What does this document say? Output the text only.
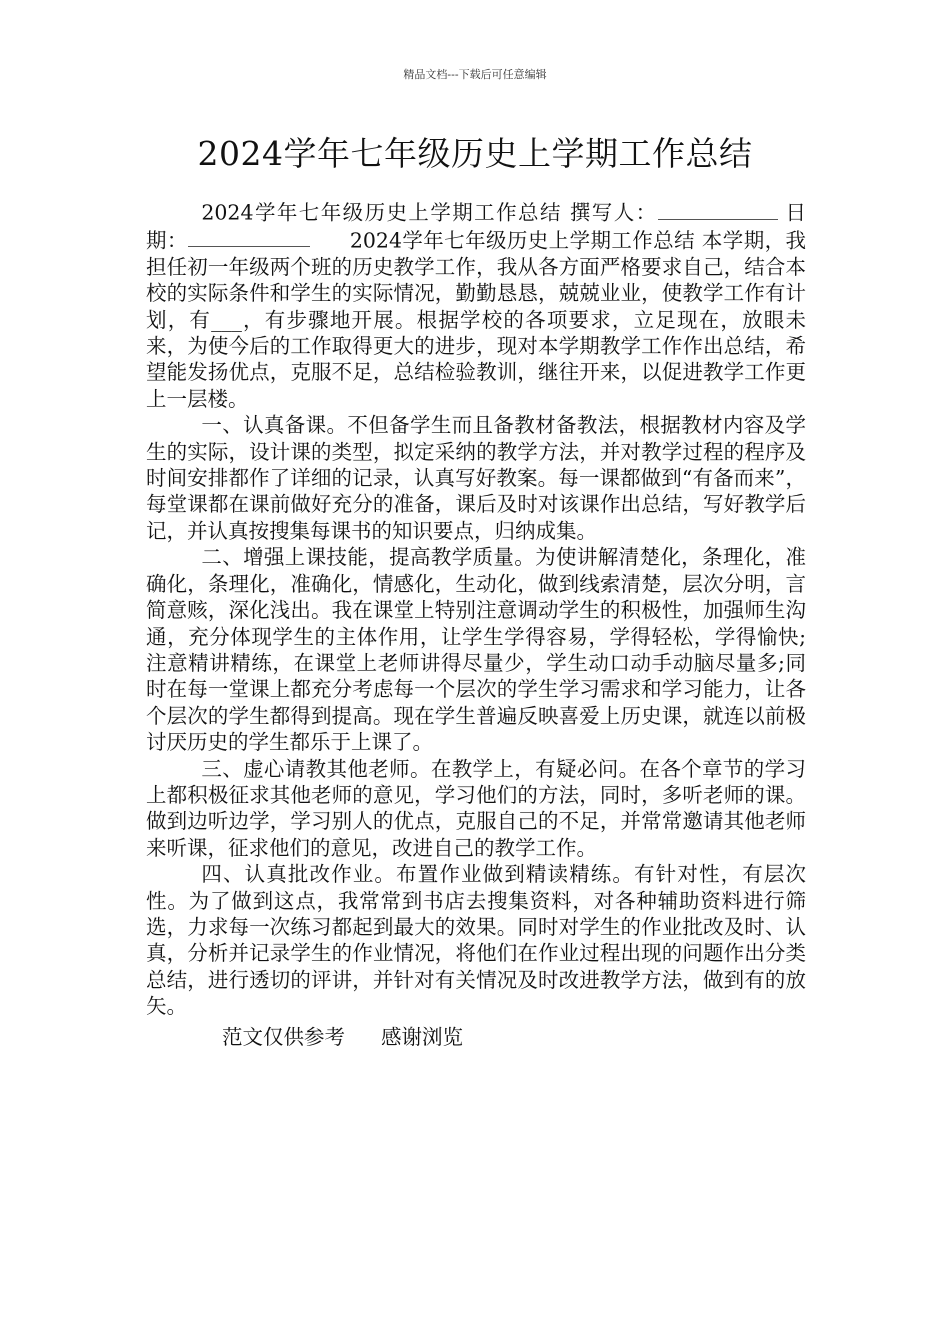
精品文档---下载后可任意编辑
2024学年七年级历史上学期工作总结

2024学年七年级历史上学期工作总结 撰写人：	日　期：	2024学年七年级历史上学期工作总结 本学期，我担任初一年级两个班的历史教学工作，我从各方面严格要求自己，结合本校的实际条件和学生的实际情况，勤勤恳恳，兢兢业业，使教学工作有计划，有___，有步骤地开展。根据学校的各项要求，立足现在，放眼未来，为使今后的工作取得更大的进步，现对本学期教学工作作出总结，希望能发扬优点，克服不足，总结检验教训，继往开来，以促进教学工作更上一层楼。

一、认真备课。不但备学生而且备教材备教法，根据教材内容及学生的实际，设计课的类型，拟定采纳的教学方法，并对教学过程的程序及时间安排都作了详细的记录，认真写好教案。每一课都做到“有备而来”，每堂课都在课前做好充分的准备，课后及时对该课作出总结，写好教学后记，并认真按搜集每课书的知识要点，归纳成集。

二、增强上课技能，提高教学质量。为使讲解清楚化，条理化，准确化，条理化，准确化，情感化，生动化，做到线索清楚，层次分明，言简意赅，深化浅出。我在课堂上特别注意调动学生的积极性，加强师生沟通，充分体现学生的主体作用，让学生学得容易，学得轻松，学得愉快;注意精讲精练，在课堂上老师讲得尽量少，学生动口动手动脑尽量多;同时在每一堂课上都充分考虑每一个层次的学生学习需求和学习能力，让各个层次的学生都得到提高。现在学生普遍反映喜爱上历史课，就连以前极讨厌历史的学生都乐于上课了。

三、虚心请教其他老师。在教学上，有疑必问。在各个章节的学习上都积极征求其他老师的意见，学习他们的方法，同时，多听老师的课。做到边听边学，学习别人的优点，克服自己的不足，并常常邀请其他老师来听课，征求他们的意见，改进自己的教学工作。

四、认真批改作业。布置作业做到精读精练。有针对性，有层次性。为了做到这点，我常常到书店去搜集资料，对各种辅助资料进行筛选，力求每一次练习都起到最大的效果。同时对学生的作业批改及时、认真，分析并记录学生的作业情况，将他们在作业过程出现的问题作出分类总结，进行透切的评讲，并针对有关情况及时改进教学方法，做到有的放矢。

范文仅供参考 感谢浏览
